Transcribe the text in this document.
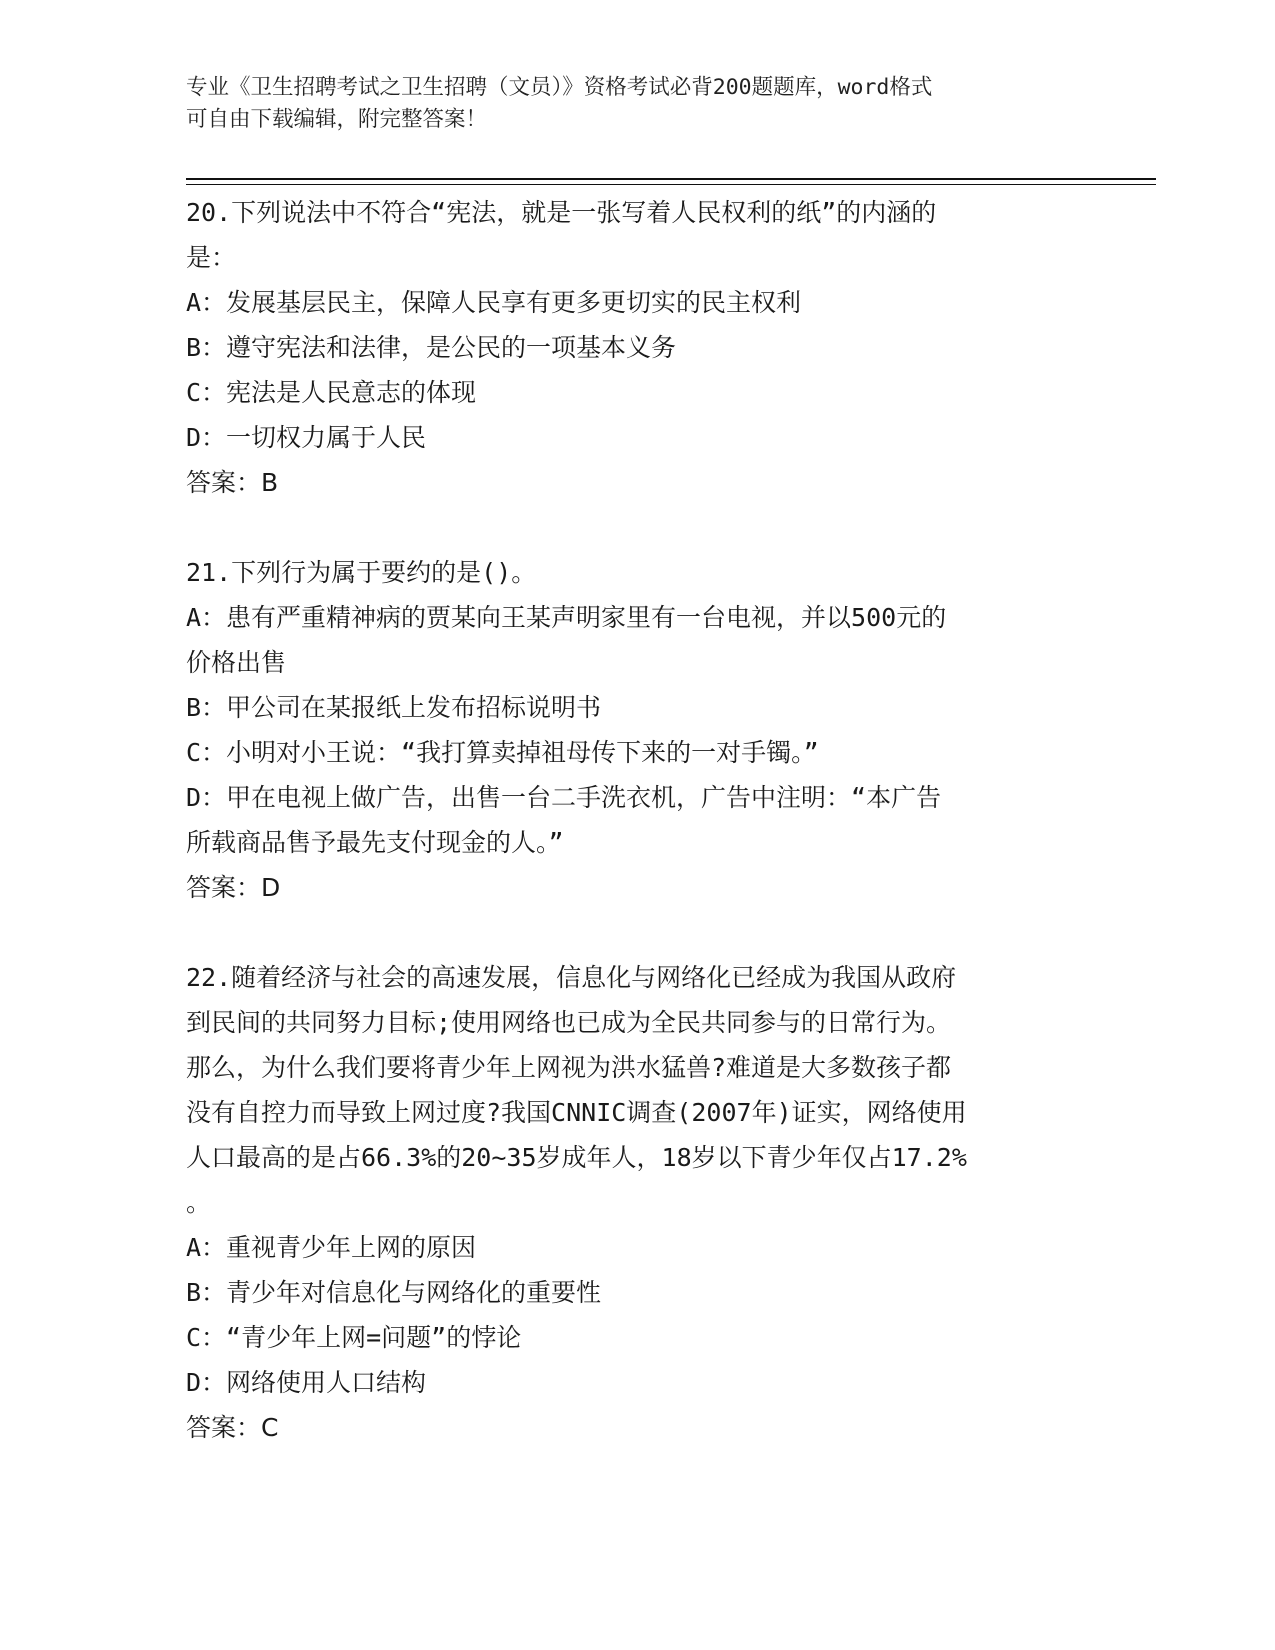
专业《卫生招聘考试之卫生招聘（文员）》资格考试必背200题题库，word格式
可自由下载编辑，附完整答案！
20.下列说法中不符合“宪法，就是一张写着人民权利的纸”的内涵的
是：
A：发展基层民主，保障人民享有更多更切实的民主权利
B：遵守宪法和法律，是公民的一项基本义务
C：宪法是人民意志的体现
D：一切权力属于人民
答案：B
21.下列行为属于要约的是()。
A：患有严重精神病的贾某向王某声明家里有一台电视，并以500元的
价格出售
B：甲公司在某报纸上发布招标说明书
C：小明对小王说：“我打算卖掉祖母传下来的一对手镯。”
D：甲在电视上做广告，出售一台二手洗衣机，广告中注明：“本广告
所载商品售予最先支付现金的人。”
答案：D
22.随着经济与社会的高速发展，信息化与网络化已经成为我国从政府
到民间的共同努力目标;使用网络也已成为全民共同参与的日常行为。
那么，为什么我们要将青少年上网视为洪水猛兽?难道是大多数孩子都
没有自控力而导致上网过度?我国CNNIC调查(2007年)证实，网络使用
人口最高的是占66.3%的20~35岁成年人，18岁以下青少年仅占17.2%
。
A：重视青少年上网的原因
B：青少年对信息化与网络化的重要性
C：“青少年上网=问题”的悖论
D：网络使用人口结构
答案：C
